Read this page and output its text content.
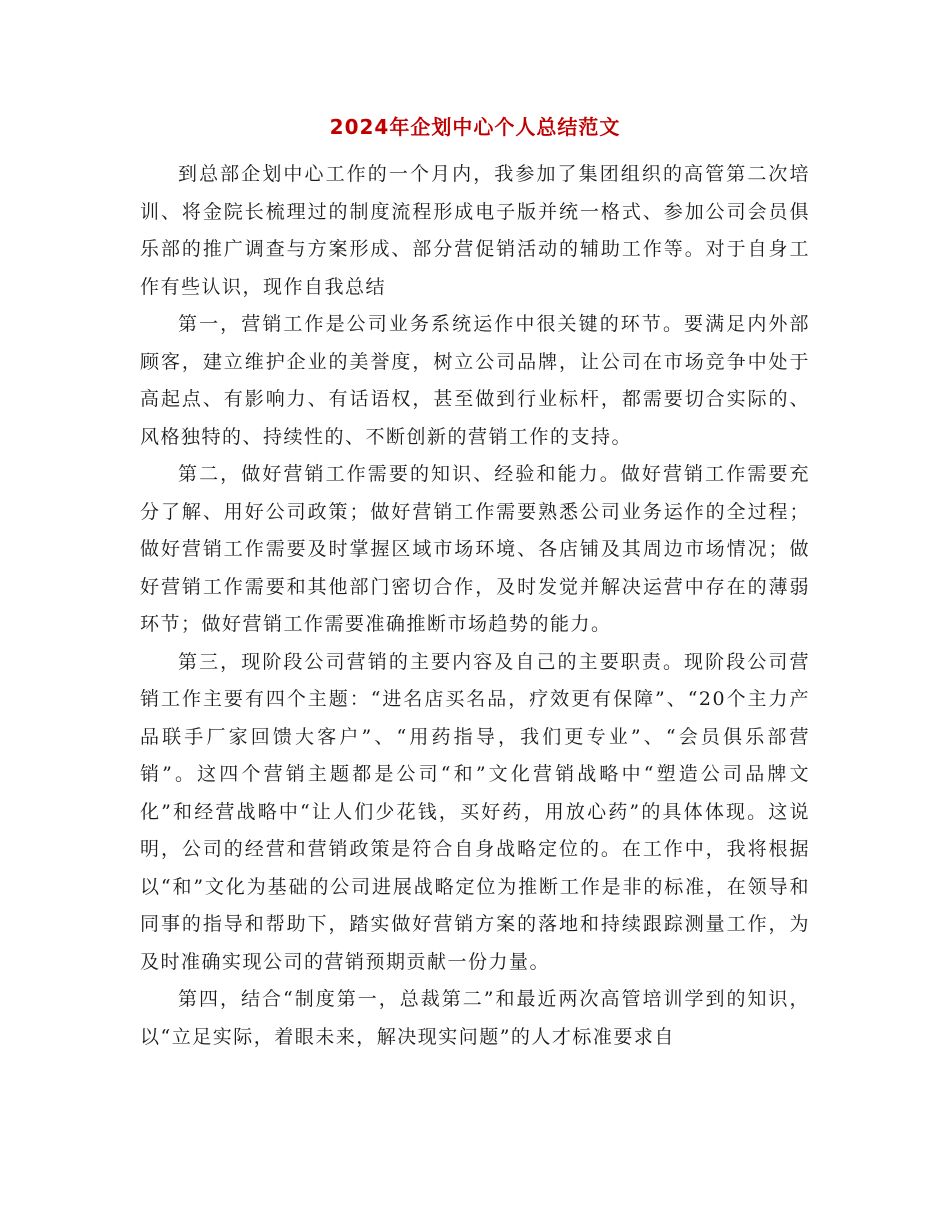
2024年企划中心个人总结范文

到总部企划中心工作的一个月内，我参加了集团组织的高管第二次培训、将金院长梳理过的制度流程形成电子版并统一格式、参加公司会员俱乐部的推广调查与方案形成、部分营促销活动的辅助工作等。对于自身工作有些认识，现作自我总结

第一，营销工作是公司业务系统运作中很关键的环节。要满足内外部顾客，建立维护企业的美誉度，树立公司品牌，让公司在市场竞争中处于高起点、有影响力、有话语权，甚至做到行业标杆，都需要切合实际的、风格独特的、持续性的、不断创新的营销工作的支持。

第二，做好营销工作需要的知识、经验和能力。做好营销工作需要充分了解、用好公司政策；做好营销工作需要熟悉公司业务运作的全过程；做好营销工作需要及时掌握区域市场环境、各店铺及其周边市场情况；做好营销工作需要和其他部门密切合作，及时发觉并解决运营中存在的薄弱环节；做好营销工作需要准确推断市场趋势的能力。

第三，现阶段公司营销的主要内容及自己的主要职责。现阶段公司营销工作主要有四个主题：“进名店买名品，疗效更有保障”、“20个主力产品联手厂家回馈大客户”、“用药指导，我们更专业”、“会员俱乐部营销”。这四个营销主题都是公司“和”文化营销战略中“塑造公司品牌文化”和经营战略中“让人们少花钱，买好药，用放心药”的具体体现。这说明，公司的经营和营销政策是符合自身战略定位的。在工作中，我将根据以“和”文化为基础的公司进展战略定位为推断工作是非的标准，在领导和同事的指导和帮助下，踏实做好营销方案的落地和持续跟踪测量工作，为及时准确实现公司的营销预期贡献一份力量。

第四，结合“制度第一，总裁第二”和最近两次高管培训学到的知识，以“立足实际，着眼未来，解决现实问题”的人才标准要求自
